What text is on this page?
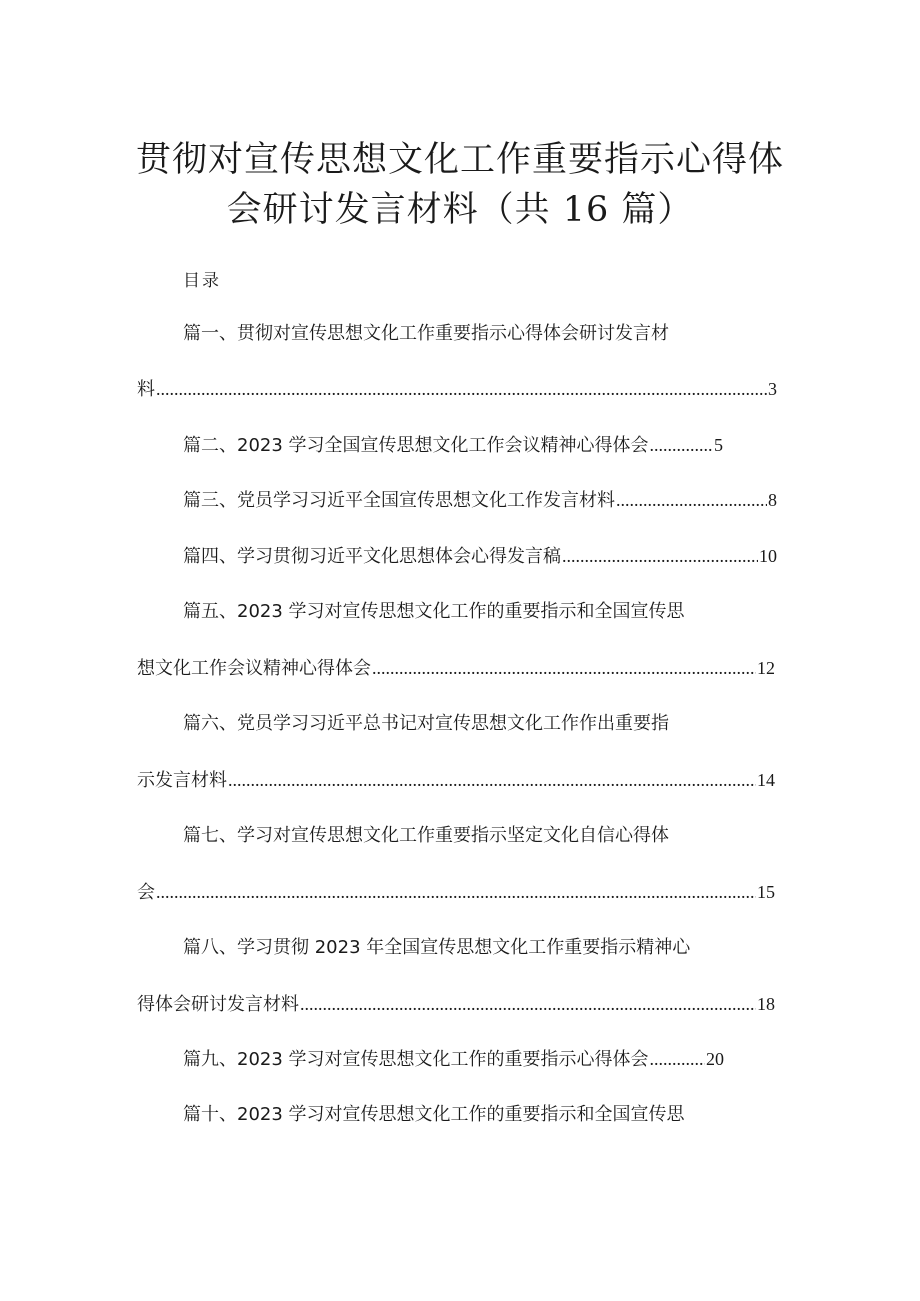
贯彻对宣传思想文化工作重要指示心得体
会研讨发言材料（共 16 篇）
目录
篇一、贯彻对宣传思想文化工作重要指示心得体会研讨发言材
料 .....	3
篇二、2023 学习全国宣传思想文化工作会议精神心得体会 .....	5
篇三、党员学习习近平全国宣传思想文化工作发言材料 .....	8
篇四、学习贯彻习近平文化思想体会心得发言稿 .....	10
篇五、2023 学习对宣传思想文化工作的重要指示和全国宣传思
想文化工作会议精神心得体会 .....	12
篇六、党员学习习近平总书记对宣传思想文化工作作出重要指
示发言材料 .....	14
篇七、学习对宣传思想文化工作重要指示坚定文化自信心得体
会 .....	15
篇八、学习贯彻 2023 年全国宣传思想文化工作重要指示精神心
得体会研讨发言材料 .....	18
篇九、2023 学习对宣传思想文化工作的重要指示心得体会 .....	20
篇十、2023 学习对宣传思想文化工作的重要指示和全国宣传思
